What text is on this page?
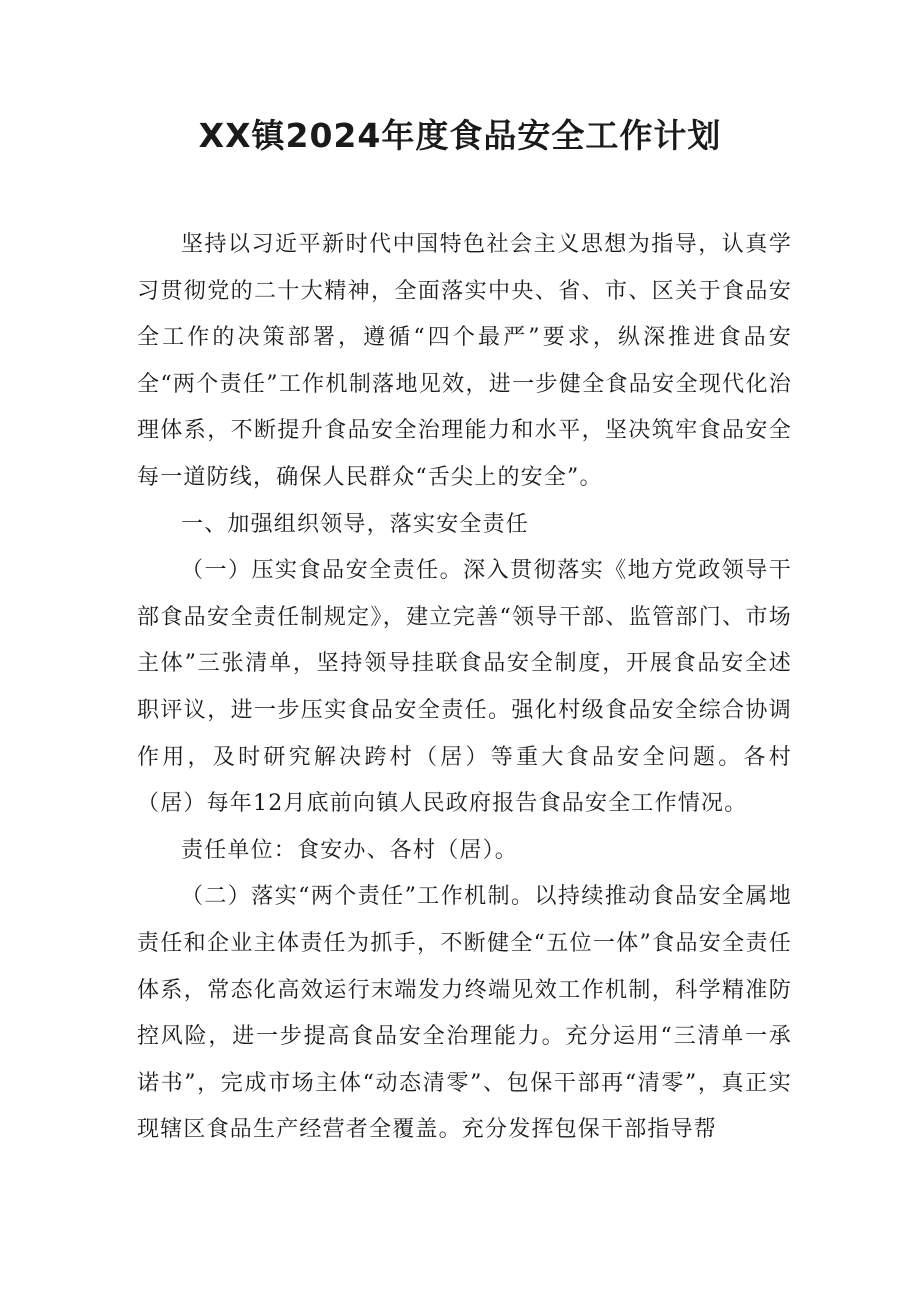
XX镇2024年度食品安全工作计划

坚持以习近平新时代中国特色社会主义思想为指导，认真学习贯彻党的二十大精神，全面落实中央、省、市、区关于食品安全工作的决策部署，遵循“四个最严”要求，纵深推进食品安全“两个责任”工作机制落地见效，进一步健全食品安全现代化治理体系，不断提升食品安全治理能力和水平，坚决筑牢食品安全每一道防线，确保人民群众“舌尖上的安全”。

一、加强组织领导，落实安全责任

（一）压实食品安全责任。深入贯彻落实《地方党政领导干部食品安全责任制规定》，建立完善“领导干部、监管部门、市场主体”三张清单，坚持领导挂联食品安全制度，开展食品安全述职评议，进一步压实食品安全责任。强化村级食品安全综合协调作用，及时研究解决跨村（居）等重大食品安全问题。各村（居）每年12月底前向镇人民政府报告食品安全工作情况。

责任单位：食安办、各村（居）。

（二）落实“两个责任”工作机制。以持续推动食品安全属地责任和企业主体责任为抓手，不断健全“五位一体”食品安全责任体系，常态化高效运行末端发力终端见效工作机制，科学精准防控风险，进一步提高食品安全治理能力。充分运用“三清单一承诺书”，完成市场主体“动态清零”、包保干部再“清零”，真正实现辖区食品生产经营者全覆盖。充分发挥包保干部指导帮
